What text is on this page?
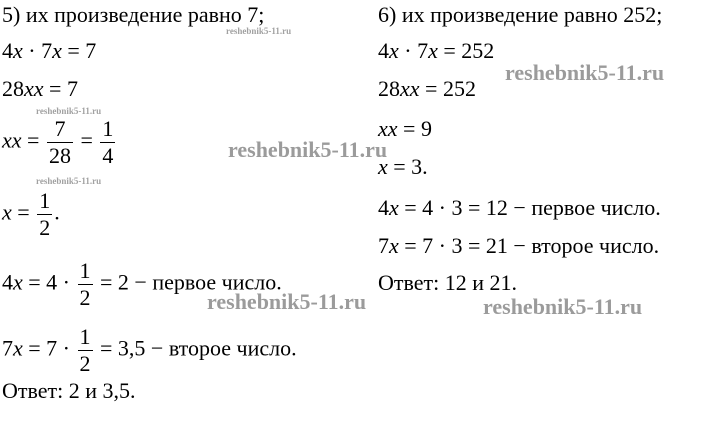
5) их произведение равно 7;
4x · 7x = 7
28xx = 7
xx = $\frac{7}{28} = \frac{1}{4}$
$x = \frac{1}{2}$ .
$4x = 4 \cdot \frac{1}{2} = 2$ − первое число.
$7x = 7 \cdot \frac{1}{2} = 3,5$ − второе число.
Ответ: 2 и 3,5.
6) их произведение равно 252;
4x · 7x = 252
28xx = 252
xx = 9
x = 3.
4x = 4 · 3 = 12 − первое число.
7x = 7 · 3 = 21 − второе число.
Ответ: 12 и 21.
reshebnik5-11.ru
reshebnik5-11.ru
reshebnik5-11.ru
reshebnik5-11.ru
reshebnik5-11.ru
reshebnik5-11.ru	reshebnik5-11.ru
